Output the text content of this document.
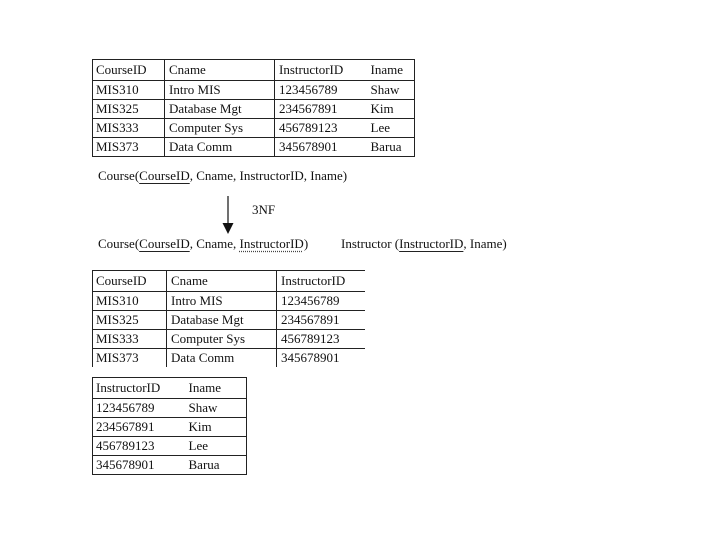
CourseID	Cname	InstructorID	Iname
MIS310	Intro MIS	123456789	Shaw
MIS325	Database Mgt	234567891	Kim
MIS333	Computer Sys	456789123	Lee
MIS373	Data Comm	345678901	Barua
Course(CourseID, Cname, InstructorID, Iname)
3NF
Course(CourseID, Cname, InstructorID)	Instructor (InstructorID, Iname)
CourseID	Cname	InstructorID
MIS310	Intro MIS	123456789
MIS325	Database Mgt	234567891
MIS333	Computer Sys	456789123
MIS373	Data Comm	345678901
InstructorID	Iname
123456789	Shaw
234567891	Kim
456789123	Lee
345678901	Barua
